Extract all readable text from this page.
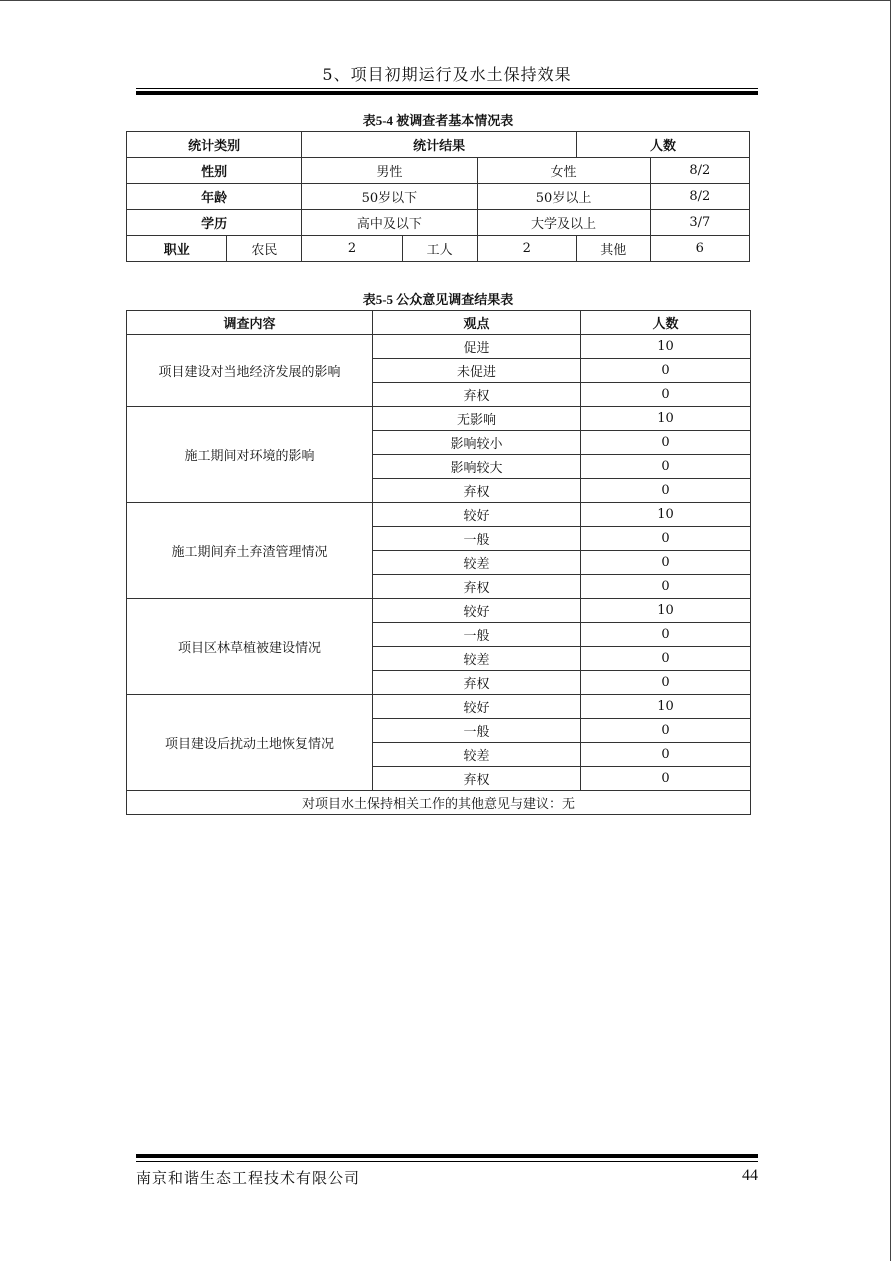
5、项目初期运行及水土保持效果
表5-4 被调查者基本情况表
统计类别		统计结果			人数	
性别		男性		女性		8/2
年龄		50岁以下		50岁以上		8/2
学历		高中及以下		大学及以上		3/7
职业	农民	2	工人	2	其他	6
表5-5 公众意见调查结果表
调查内容	观点	人数
项目建设对当地经济发展的影响	促进	10
	未促进	0
	弃权	0
施工期间对环境的影响	无影响	10
	影响较小	0
	影响较大	0
	弃权	0
施工期间弃土弃渣管理情况	较好	10
	一般	0
	较差	0
	弃权	0
项目区林草植被建设情况	较好	10
	一般	0
	较差	0
	弃权	0
项目建设后扰动土地恢复情况	较好	10
	一般	0
	较差	0
	弃权	0
对项目水土保持相关工作的其他意见与建议：无		
南京和谐生态工程技术有限公司	44
